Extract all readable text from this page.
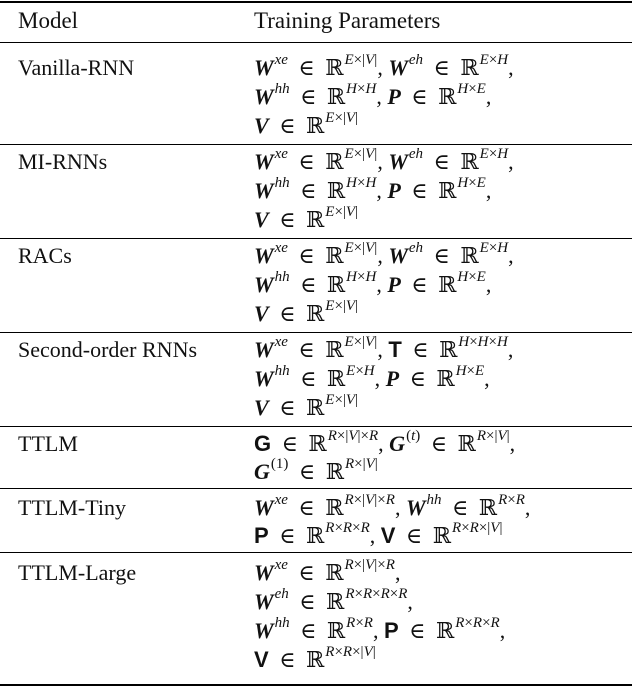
Model	Training Parameters
Vanilla-RNN
MI-RNNs
RACs
Second-order RNNs
TTLM
TTLM-Tiny
TTLM-Large
$W^{xe}$ ∈ ℝ$^{E\times|V|}$, $W^{eh}$ ∈ ℝ$^{E\times H}$,
$W^{hh}$ ∈ ℝ$^{H\times H}$, P ∈ ℝ$^{H\times E}$,
V ∈ ℝ$^{E\times|V|}$
$W^{xe}$ ∈ ℝ$^{E\times|V|}$, $W^{eh}$ ∈ ℝ$^{E\times H}$,
$W^{hh}$ ∈ ℝ$^{H\times H}$, P ∈ ℝ$^{H\times E}$,
V ∈ ℝ$^{E\times|V|}$
$W^{xe}$ ∈ ℝ$^{E\times|V|}$, $W^{eh}$ ∈ ℝ$^{E\times H}$,
$W^{hh}$ ∈ ℝ$^{H\times H}$, P ∈ ℝ$^{H\times E}$,
V ∈ ℝ$^{E\times|V|}$
$W^{xe}$ ∈ ℝ$^{E\times|V|}$, T ∈ ℝ$^{H\times H\times H}$,
$W^{hh}$ ∈ ℝ$^{E\times H}$, P ∈ ℝ$^{H\times E}$,
V ∈ ℝ$^{E\times|V|}$
G ∈ ℝ$^{R\times|V|\times R}$, $G^{(t)}$ ∈ ℝ$^{R\times|V|}$,
$G^{(1)}$ ∈ ℝ$^{R\times|V|}$
$W^{xe}$ ∈ ℝ$^{R\times|V|\times R}$, $W^{hh}$ ∈ ℝ$^{R\times R}$,
P ∈ ℝ$^{R\times R\times R}$, V ∈ ℝ$^{R\times R\times|V|}$
$W^{xe}$ ∈ ℝ$^{R\times|V|\times R}$,
$W^{eh}$ ∈ ℝ$^{R\times R\times R\times R}$,
$W^{hh}$ ∈ ℝ$^{R\times R}$, P ∈ ℝ$^{R\times R\times R}$,
V ∈ ℝ$^{R\times R\times|V|}$
